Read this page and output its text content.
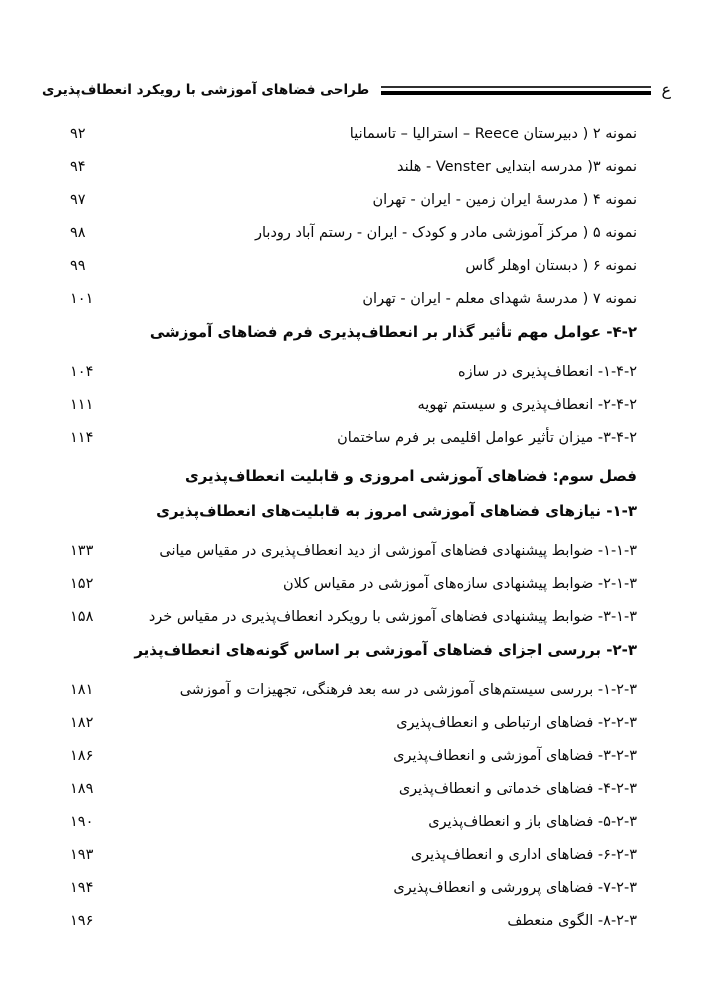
طراحی فضاهای آموزشی با رویکرد انعطاف‌پذیری	ع
نمونه ۲ ( دبیرستان Reece – استرالیا – تاسمانیا
۹۲
نمونه ۳( مدرسه ابتدایی Venster - هلند
۹۴
نمونه ۴ ( مدرسۀ ایران زمین - ایران - تهران
۹۷
نمونه ۵ ( مرکز آموزشی مادر و کودک - ایران - رستم آباد رودبار
۹۸
نمونه ۶ ( دبستان اوهلر گاس
۹۹
نمونه ۷ ( مدرسۀ شهدای معلم - ایران - تهران
۱۰۱
۲‏-‏۴‏- عوامل مهم تأثیر گذار بر انعطاف‌پذیری فرم فضاهای آموزشی
۲‏-‏۴‏-‏۱‏- انعطاف‌پذیری در سازه
۱۰۴
۲‏-‏۴‏-‏۲‏- انعطاف‌پذیری و سیستم تهویه
۱۱۱
۲‏-‏۴‏-‏۳‏- میزان تأثیر عوامل اقلیمی بر فرم ساختمان
۱۱۴
فصل سوم: فضاهای آموزشی امروزی و قابلیت انعطاف‌پذیری
۳‏-‏۱‏- نیازهای فضاهای آموزشی امروز به قابلیت‌های انعطاف‌پذیری
۳‏-‏۱‏-‏۱‏- ضوابط پیشنهادی فضاهای آموزشی از دید انعطاف‌پذیری در مقیاس میانی
۱۳۳
۳‏-‏۱‏-‏۲‏- ضوابط پیشنهادی سازه‌های آموزشی در مقیاس کلان
۱۵۲
۳‏-‏۱‏-‏۳‏- ضوابط پیشنهادی فضاهای آموزشی با رویکرد انعطاف‌پذیری در مقیاس خرد
۱۵۸
۳‏-‏۲‏- بررسی اجزای فضاهای آموزشی بر اساس گونه‌های انعطاف‌پذیر
۳‏-‏۲‏-‏۱‏- بررسی سیستم‌های آموزشی در سه بعد فرهنگی، تجهیزات و آموزشی
۱۸۱
۳‏-‏۲‏-‏۲‏- فضاهای ارتباطی و انعطاف‌پذیری
۱۸۲
۳‏-‏۲‏-‏۳‏- فضاهای آموزشی و انعطاف‌پذیری
۱۸۶
۳‏-‏۲‏-‏۴‏- فضاهای خدماتی و انعطاف‌پذیری
۱۸۹
۳‏-‏۲‏-‏۵‏- فضاهای باز و انعطاف‌پذیری
۱۹۰
۳‏-‏۲‏-‏۶‏- فضاهای اداری و انعطاف‌پذیری
۱۹۳
۳‏-‏۲‏-‏۷‏- فضاهای پرورشی و انعطاف‌پذیری
۱۹۴
۳‏-‏۲‏-‏۸‏- الگوی منعطف
۱۹۶
